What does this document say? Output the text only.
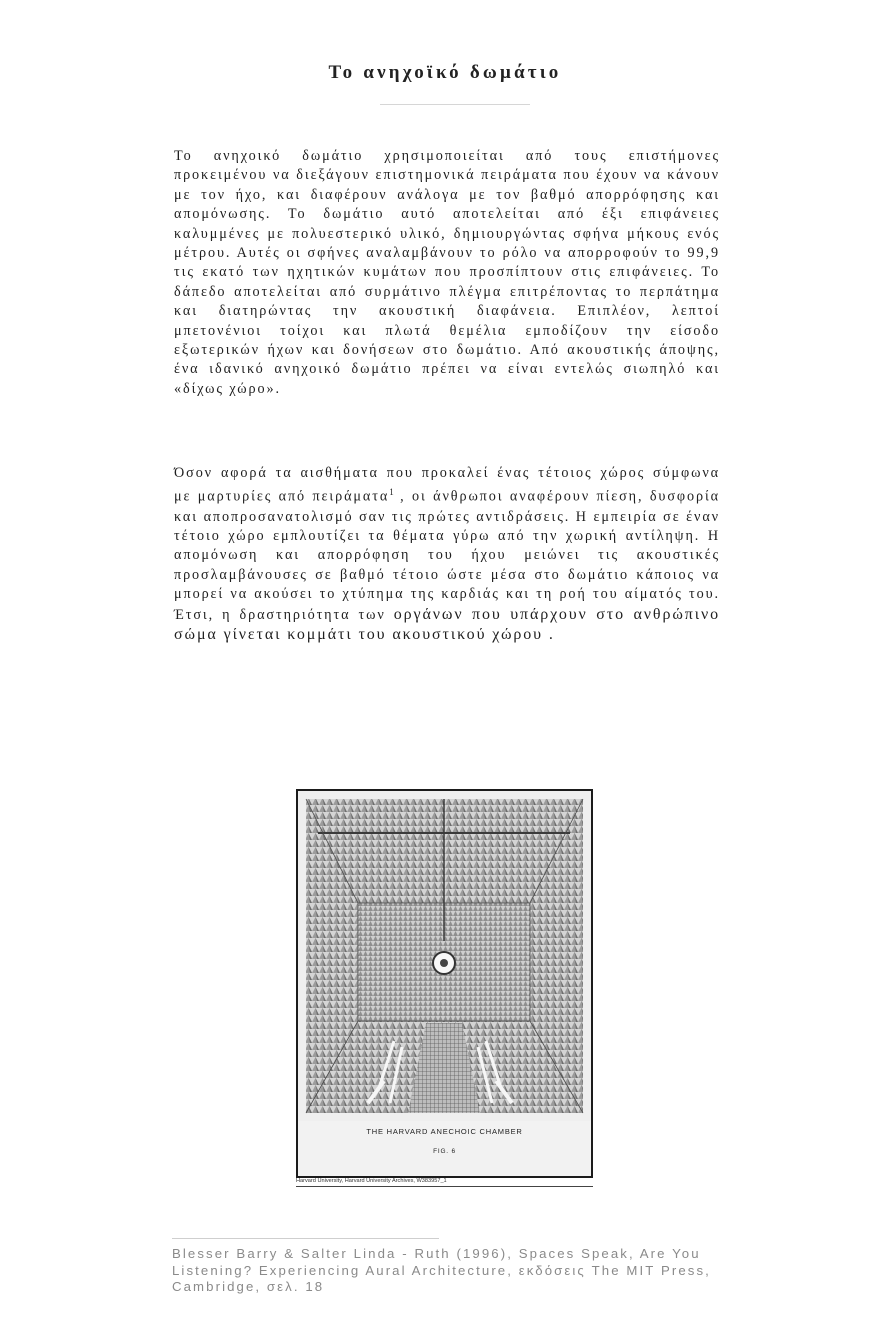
Το ανηχοϊκό δωμάτιο

Το ανηχοικό δωμάτιο χρησιμοποιείται από τους επιστήμονες προκειμένου να διεξάγουν επιστημονικά πειράματα που έχουν να κάνουν με τον ήχο, και διαφέρουν ανάλογα με τον βαθμό απορρόφησης και απομόνωσης. Το δωμάτιο αυτό αποτελείται από έξι επιφάνειες καλυμμένες με πολυεστερικό υλικό, δημιουργώντας σφήνα μήκους ενός μέτρου. Αυτές οι σφήνες αναλαμβάνουν το ρόλο να απορροφούν το 99,9 τις εκατό των ηχητικών κυμάτων που προσπίπτουν στις επιφάνειες. Το δάπεδο αποτελείται από συρμάτινο πλέγμα επιτρέποντας το περπάτημα και διατηρώντας την ακουστική διαφάνεια. Επιπλέον, λεπτοί μπετονένιοι τοίχοι και πλωτά θεμέλια εμποδίζουν την είσοδο εξωτερικών ήχων και δονήσεων στο δωμάτιο. Από ακουστικής άποψης, ένα ιδανικό ανηχοικό δωμάτιο πρέπει να είναι εντελώς σιωπηλό και «δίχως χώρο».

Όσον αφορά τα αισθήματα που προκαλεί ένας τέτοιος χώρος σύμφωνα με μαρτυρίες από πειράματα$^1$ , οι άνθρωποι αναφέρουν πίεση, δυσφορία και αποπροσανατολισμό σαν τις πρώτες αντιδράσεις. Η εμπειρία σε έναν τέτοιο χώρο εμπλουτίζει τα θέματα γύρω από την χωρική αντίληψη. Η απομόνωση και απορρόφηση του ήχου μειώνει τις ακουστικές προσλαμβάνουσες σε βαθμό τέτοιο ώστε μέσα στο δωμάτιο κάποιος να μπορεί να ακούσει το χτύπημα της καρδιάς και τη ροή του αίματός του. Έτσι, η δραστηριότητα των οργάνων που υπάρχουν στο ανθρώπινο σώμα γίνεται κομμάτι του ακουστικού χώρου .

THE HARVARD ANECHOIC CHAMBER
FIG. 6
Harvard University, Harvard University Archives, W383957_1

Blesser Barry & Salter Linda - Ruth (1996), Spaces Speak, Are You Listening? Experiencing Aural Architecture, εκδόσεις The MIT Press, Cambridge, σελ. 18
